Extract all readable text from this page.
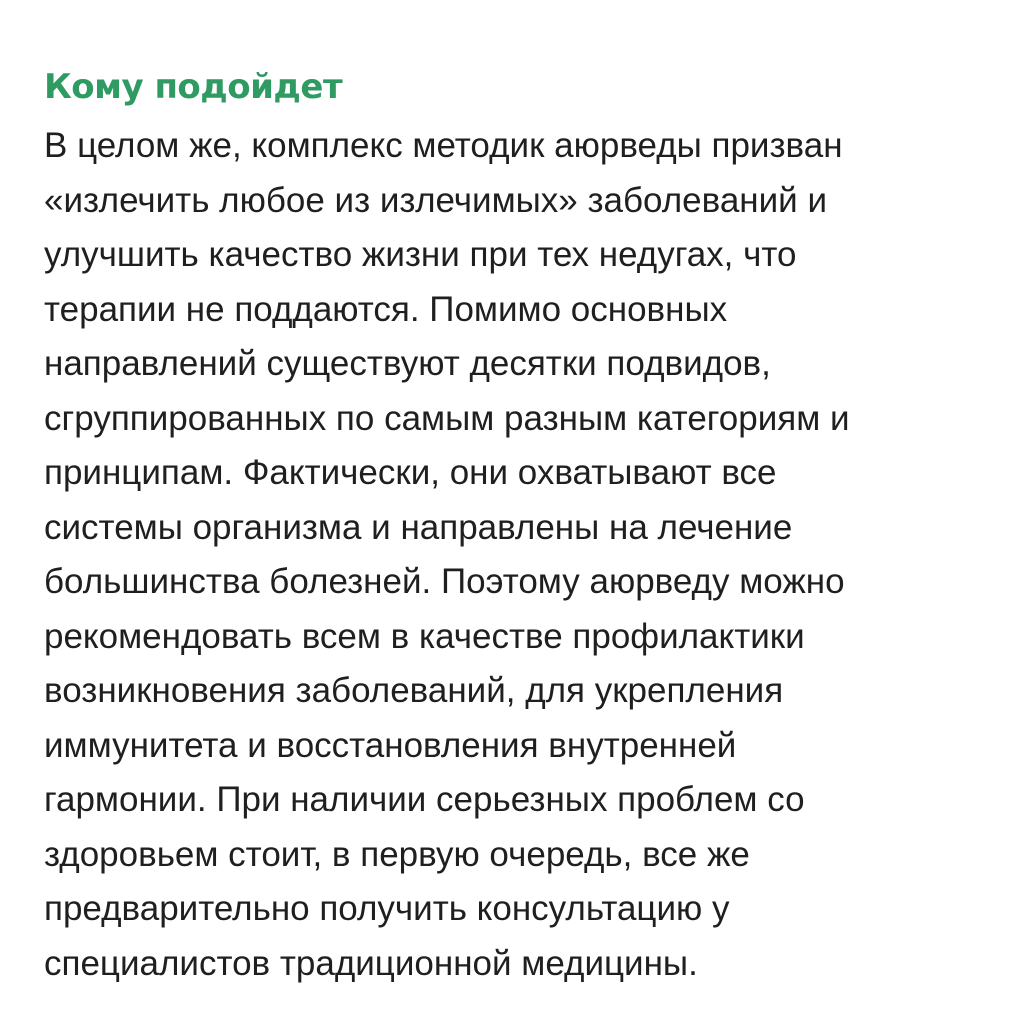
Кому подойдет

В целом же, комплекс методик аюрведы призван
«излечить любое из излечимых» заболеваний и
улучшить качество жизни при тех недугах, что
терапии не поддаются. Помимо основных
направлений существуют десятки подвидов,
сгруппированных по самым разным категориям и
принципам. Фактически, они охватывают все
системы организма и направлены на лечение
большинства болезней. Поэтому аюрведу можно
рекомендовать всем в качестве профилактики
возникновения заболеваний, для укрепления
иммунитета и восстановления внутренней
гармонии. При наличии серьезных проблем со
здоровьем стоит, в первую очередь, все же
предварительно получить консультацию у
специалистов традиционной медицины.
